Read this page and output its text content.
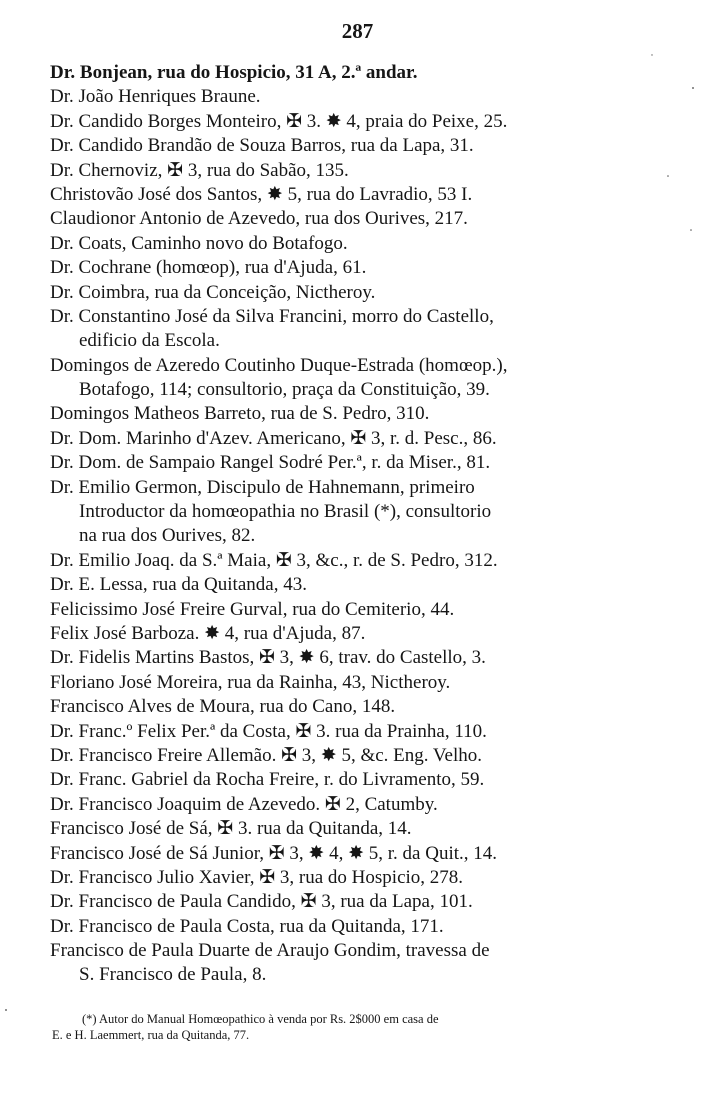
287
Dr. Bonjean, rua do Hospicio, 31 A, 2.ª andar.
Dr. João Henriques Braune.
Dr. Candido Borges Monteiro, ✠ 3. ✸ 4, praia do Peixe, 25.
Dr. Candido Brandão de Souza Barros, rua da Lapa, 31.
Dr. Chernoviz, ✠ 3, rua do Sabão, 135.
Christovão José dos Santos, ✸ 5, rua do Lavradio, 53 I.
Claudionor Antonio de Azevedo, rua dos Ourives, 217.
Dr. Coats, Caminho novo do Botafogo.
Dr. Cochrane (homœop), rua d'Ajuda, 61.
Dr. Coimbra, rua da Conceição, Nictheroy.
Dr. Constantino José da Silva Francini, morro do Castello,
edificio da Escola.
Domingos de Azeredo Coutinho Duque-Estrada (homœop.),
Botafogo, 114; consultorio, praça da Constituição, 39.
Domingos Matheos Barreto, rua de S. Pedro, 310.
Dr. Dom. Marinho d'Azev. Americano, ✠ 3, r. d. Pesc., 86.
Dr. Dom. de Sampaio Rangel Sodré Per.ª, r. da Miser., 81.
Dr. Emilio Germon, Discipulo de Hahnemann, primeiro
Introductor da homœopathia no Brasil (*), consultorio
na rua dos Ourives, 82.
Dr. Emilio Joaq. da S.ª Maia, ✠ 3, &c., r. de S. Pedro, 312.
Dr. E. Lessa, rua da Quitanda, 43.
Felicissimo José Freire Gurval, rua do Cemiterio, 44.
Felix José Barboza. ✸ 4, rua d'Ajuda, 87.
Dr. Fidelis Martins Bastos, ✠ 3, ✸ 6, trav. do Castello, 3.
Floriano José Moreira, rua da Rainha, 43, Nictheroy.
Francisco Alves de Moura, rua do Cano, 148.
Dr. Franc.º Felix Per.ª da Costa, ✠ 3. rua da Prainha, 110.
Dr. Francisco Freire Allemão. ✠ 3, ✸ 5, &c. Eng. Velho.
Dr. Franc. Gabriel da Rocha Freire, r. do Livramento, 59.
Dr. Francisco Joaquim de Azevedo. ✠ 2, Catumby.
Francisco José de Sá, ✠ 3. rua da Quitanda, 14.
Francisco José de Sá Junior, ✠ 3, ✸ 4, ✸ 5, r. da Quit., 14.
Dr. Francisco Julio Xavier, ✠ 3, rua do Hospicio, 278.
Dr. Francisco de Paula Candido, ✠ 3, rua da Lapa, 101.
Dr. Francisco de Paula Costa, rua da Quitanda, 171.
Francisco de Paula Duarte de Araujo Gondim, travessa de
S. Francisco de Paula, 8.
(*) Autor do Manual Homœopathico à venda por Rs. 2$000 em casa de
E. e H. Laemmert, rua da Quitanda, 77.
